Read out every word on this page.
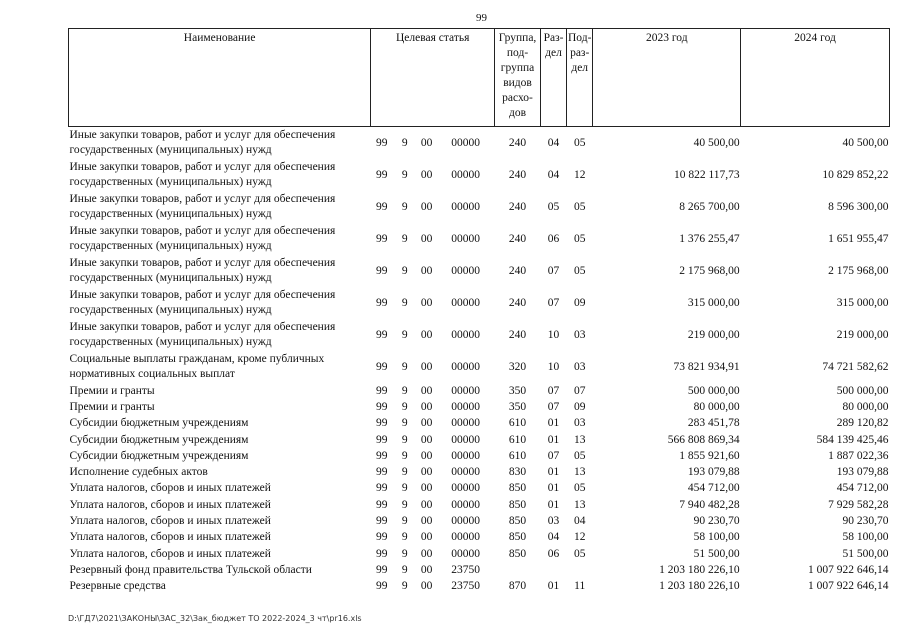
99
Наименование	Целевая статья				Группа, под- группа видов расхо- дов	Раз- дел	Под- раз- дел	2023 год	2024 год
Иные закупки товаров, работ и услуг для обеспечения государственных (муниципальных) нужд	99	9	00	00000	240	04	05	40 500,00	40 500,00
Иные закупки товаров, работ и услуг для обеспечения государственных (муниципальных) нужд	99	9	00	00000	240	04	12	10 822 117,73	10 829 852,22
Иные закупки товаров, работ и услуг для обеспечения государственных (муниципальных) нужд	99	9	00	00000	240	05	05	8 265 700,00	8 596 300,00
Иные закупки товаров, работ и услуг для обеспечения государственных (муниципальных) нужд	99	9	00	00000	240	06	05	1 376 255,47	1 651 955,47
Иные закупки товаров, работ и услуг для обеспечения государственных (муниципальных) нужд	99	9	00	00000	240	07	05	2 175 968,00	2 175 968,00
Иные закупки товаров, работ и услуг для обеспечения государственных (муниципальных) нужд	99	9	00	00000	240	07	09	315 000,00	315 000,00
Иные закупки товаров, работ и услуг для обеспечения государственных (муниципальных) нужд	99	9	00	00000	240	10	03	219 000,00	219 000,00
Социальные выплаты гражданам, кроме публичных нормативных социальных выплат	99	9	00	00000	320	10	03	73 821 934,91	74 721 582,62
Премии и гранты	99	9	00	00000	350	07	07	500 000,00	500 000,00
Премии и гранты	99	9	00	00000	350	07	09	80 000,00	80 000,00
Субсидии бюджетным учреждениям	99	9	00	00000	610	01	03	283 451,78	289 120,82
Субсидии бюджетным учреждениям	99	9	00	00000	610	01	13	566 808 869,34	584 139 425,46
Субсидии бюджетным учреждениям	99	9	00	00000	610	07	05	1 855 921,60	1 887 022,36
Исполнение судебных актов	99	9	00	00000	830	01	13	193 079,88	193 079,88
Уплата налогов, сборов и иных платежей	99	9	00	00000	850	01	05	454 712,00	454 712,00
Уплата налогов, сборов и иных платежей	99	9	00	00000	850	01	13	7 940 482,28	7 929 582,28
Уплата налогов, сборов и иных платежей	99	9	00	00000	850	03	04	90 230,70	90 230,70
Уплата налогов, сборов и иных платежей	99	9	00	00000	850	04	12	58 100,00	58 100,00
Уплата налогов, сборов и иных платежей	99	9	00	00000	850	06	05	51 500,00	51 500,00
Резервный фонд правительства Тульской области	99	9	00	23750				1 203 180 226,10	1 007 922 646,14
Резервные средства	99	9	00	23750	870	01	11	1 203 180 226,10	1 007 922 646,14
D:\ГД7\2021\ЗАКОНЫ\ЗАС_32\Зак_бюджет ТО 2022-2024_3 чт\pr16.xls
